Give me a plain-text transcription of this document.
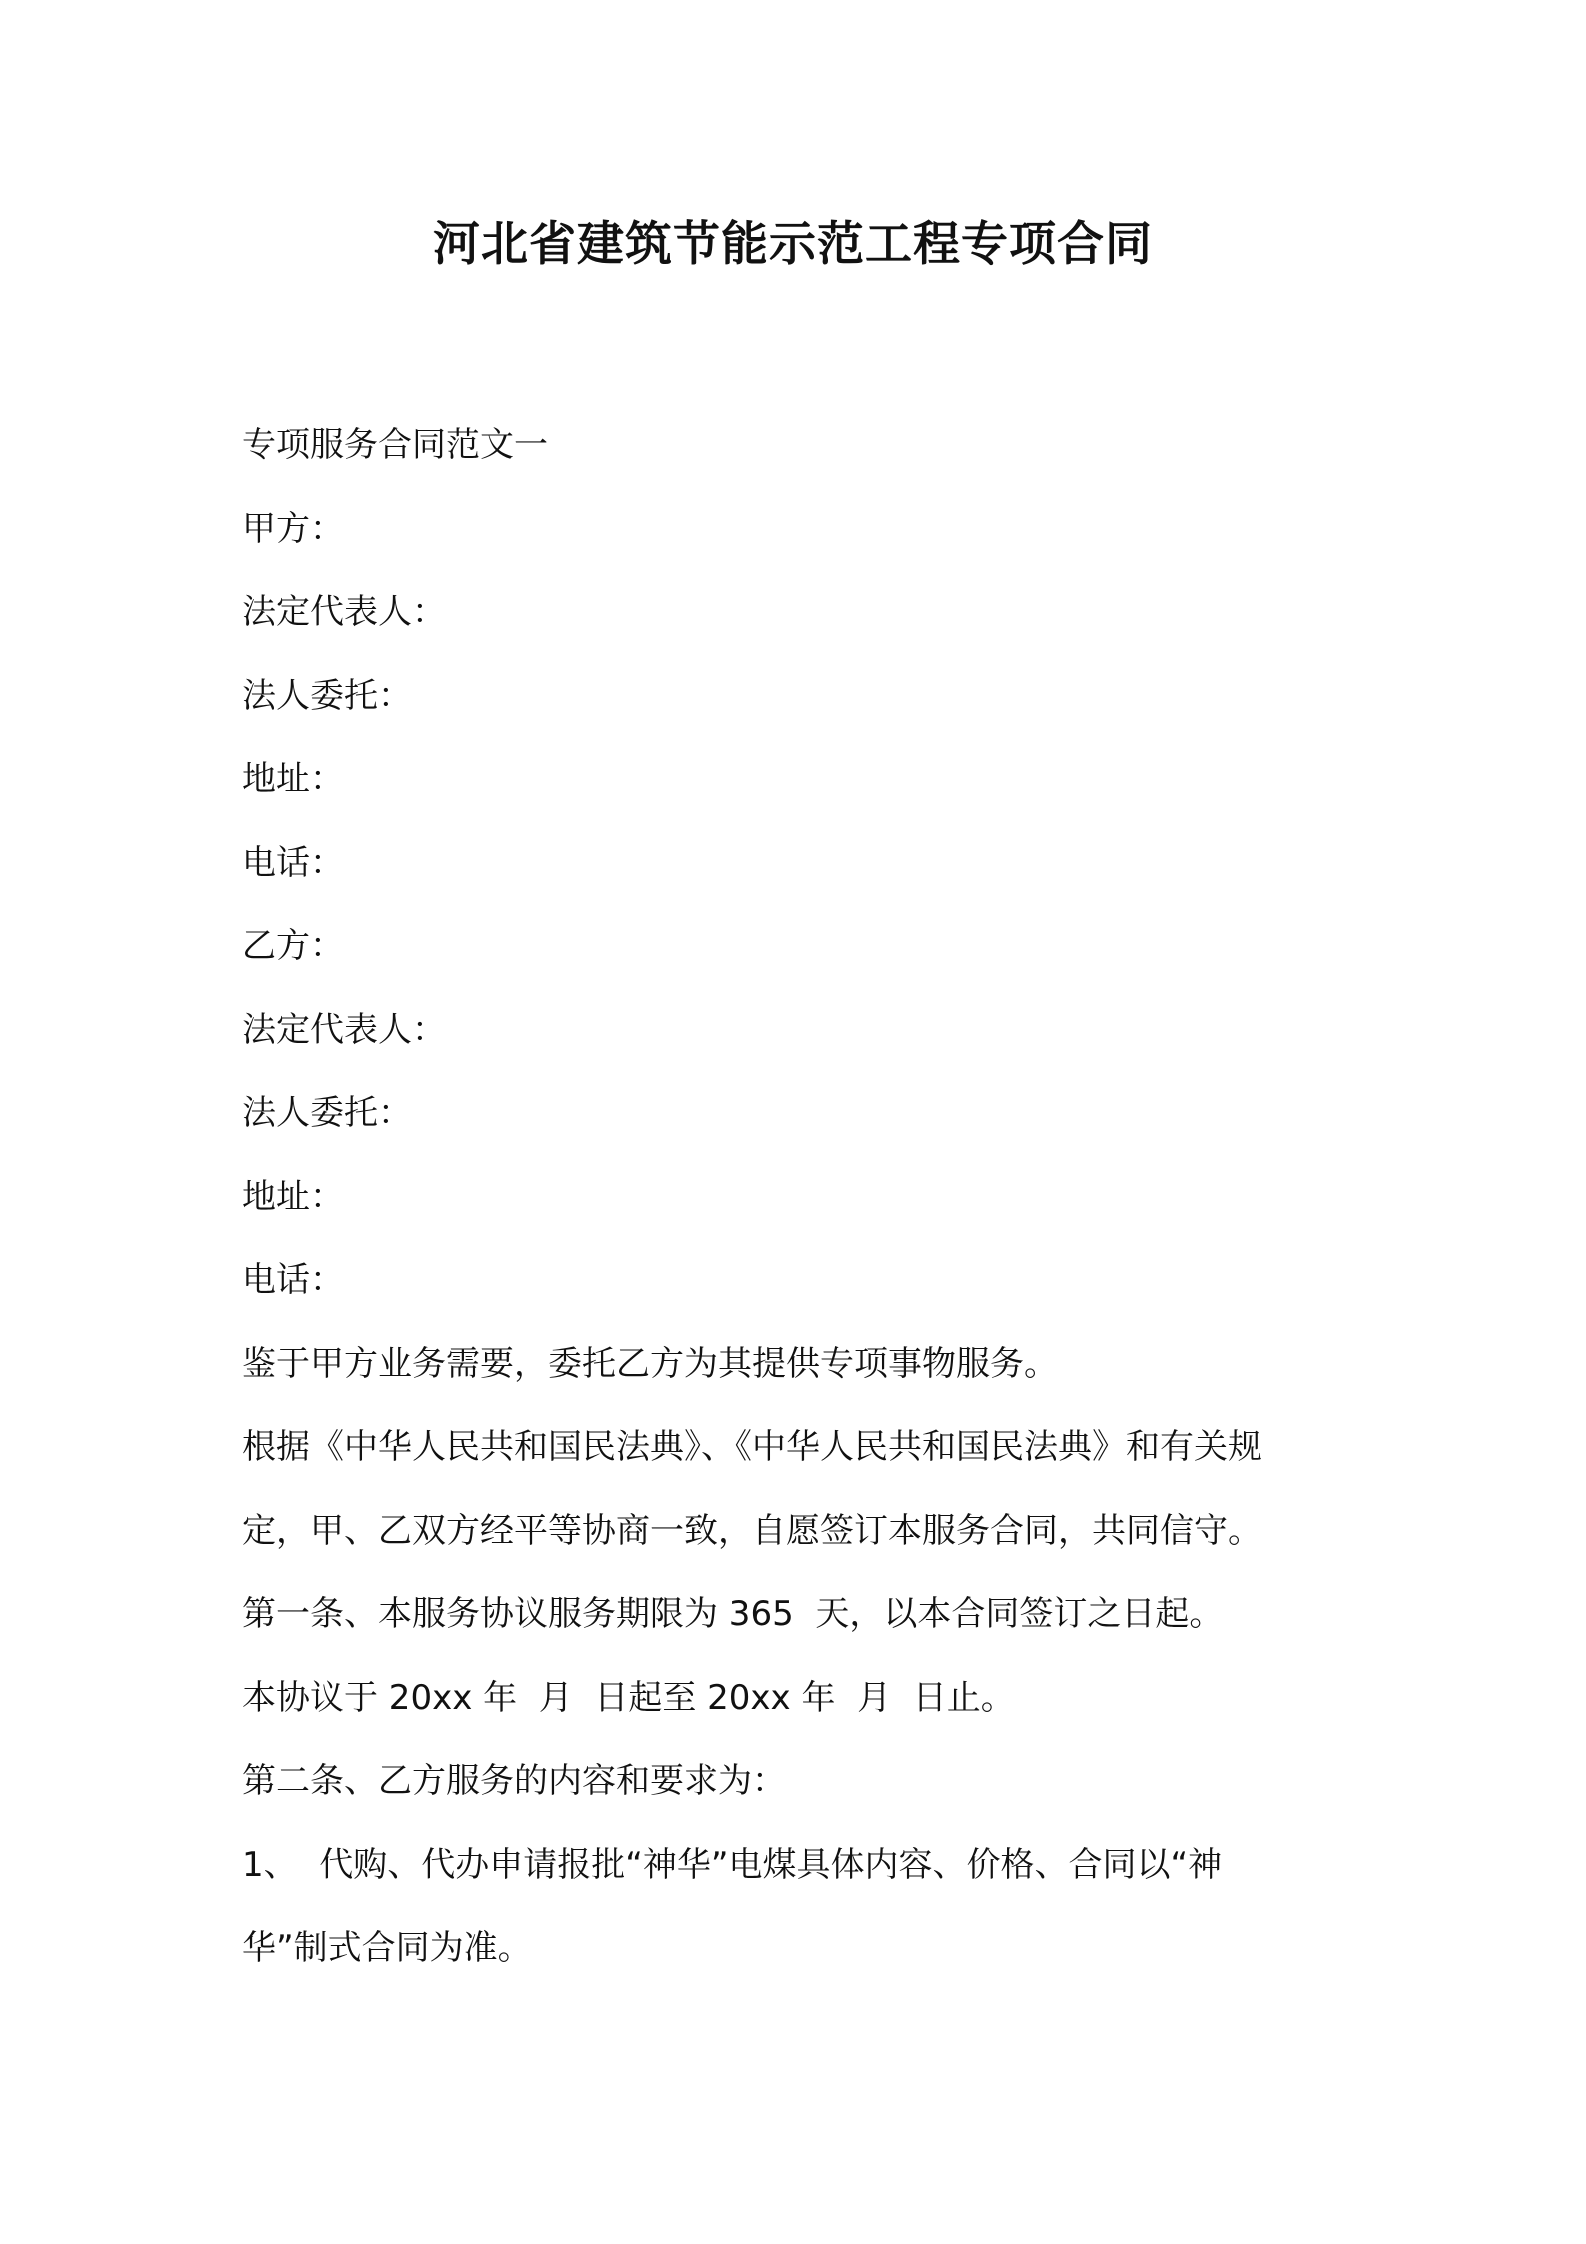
河北省建筑节能示范工程专项合同

专项服务合同范文一

甲方：

法定代表人：

法人委托：

地址：

电话：

乙方：

法定代表人：

法人委托：

地址：

电话：

鉴于甲方业务需要，委托乙方为其提供专项事物服务。

根据《中华人民共和国民法典》、《中华人民共和国民法典》和有关规

定，甲、乙双方经平等协商一致，自愿签订本服务合同，共同信守。

第一条、本服务协议服务期限为 365  天，以本合同签订之日起。

本协议于 20xx 年  月  日起至 20xx 年  月  日止。

第二条、乙方服务的内容和要求为：

1、  代购、代办申请报批“神华”电煤具体内容、价格、合同以“神

华”制式合同为准。
